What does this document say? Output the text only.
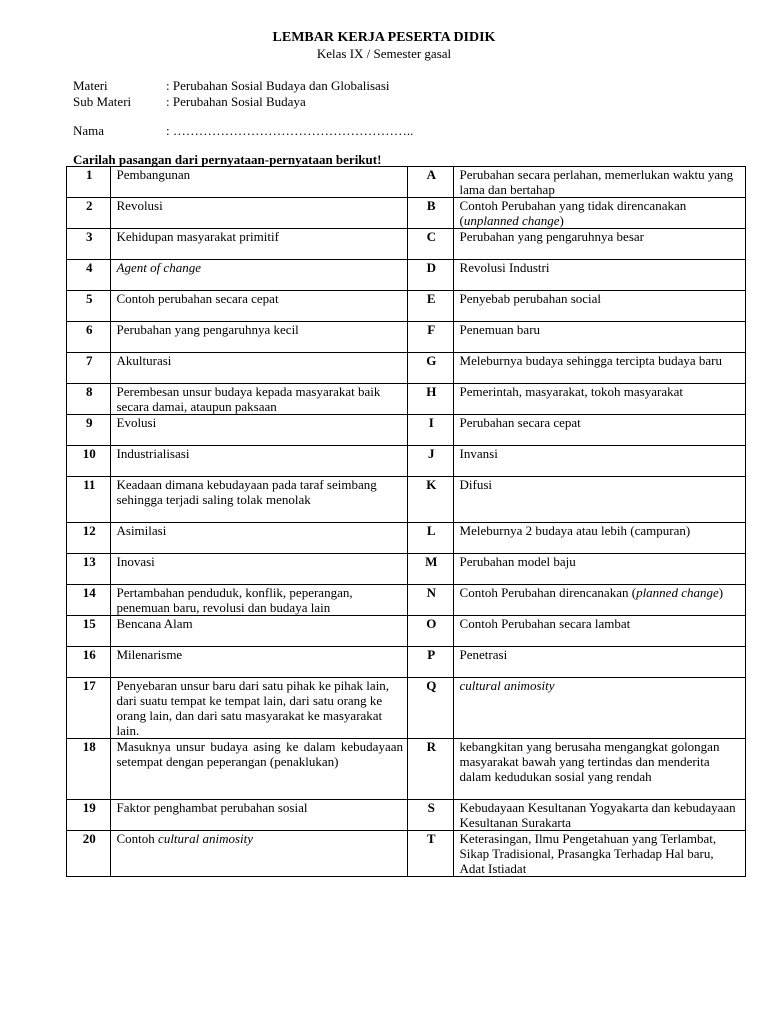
LEMBAR KERJA PESERTA DIDIK
Kelas IX / Semester gasal
Materi	: Perubahan Sosial Budaya dan Globalisasi
Sub Materi	: Perubahan Sosial Budaya
Nama	: ………………………………………………..
Carilah pasangan dari pernyataan-pernyataan berikut!
1	Pembangunan	A	Perubahan secara perlahan, memerlukan waktu yang lama dan bertahap
2	Revolusi	B	Contoh Perubahan yang tidak direncanakan (unplanned change)
3	Kehidupan masyarakat primitif	C	Perubahan yang pengaruhnya besar
4	Agent of change	D	Revolusi Industri
5	Contoh perubahan secara cepat	E	Penyebab perubahan social
6	Perubahan yang pengaruhnya kecil	F	Penemuan baru
7	Akulturasi	G	Meleburnya budaya sehingga tercipta budaya baru
8	Perembesan unsur budaya kepada masyarakat baik secara damai, ataupun paksaan	H	Pemerintah, masyarakat, tokoh masyarakat
9	Evolusi	I	Perubahan secara cepat
10	Industrialisasi	J	Invansi
11	Keadaan dimana kebudayaan pada taraf seimbang sehingga terjadi saling tolak menolak	K	Difusi
12	Asimilasi	L	Meleburnya 2 budaya atau lebih (campuran)
13	Inovasi	M	Perubahan model baju
14	Pertambahan penduduk, konflik, peperangan, penemuan baru, revolusi dan budaya lain	N	Contoh Perubahan direncanakan (planned change)
15	Bencana Alam	O	Contoh Perubahan secara lambat
16	Milenarisme	P	Penetrasi
17	Penyebaran unsur baru dari satu pihak ke pihak lain, dari suatu tempat ke tempat lain, dari satu orang ke orang lain, dan dari satu masyarakat ke masyarakat lain.	Q	cultural animosity
18	Masuknya unsur budaya asing ke dalam kebudayaan setempat dengan peperangan (penaklukan)	R	kebangkitan yang berusaha mengangkat golongan masyarakat bawah yang tertindas dan menderita dalam kedudukan sosial yang rendah
19	Faktor penghambat perubahan sosial	S	Kebudayaan Kesultanan Yogyakarta dan kebudayaan Kesultanan Surakarta
20	Contoh cultural animosity	T	Keterasingan, Ilmu Pengetahuan yang Terlambat, Sikap Tradisional, Prasangka Terhadap Hal baru, Adat Istiadat
